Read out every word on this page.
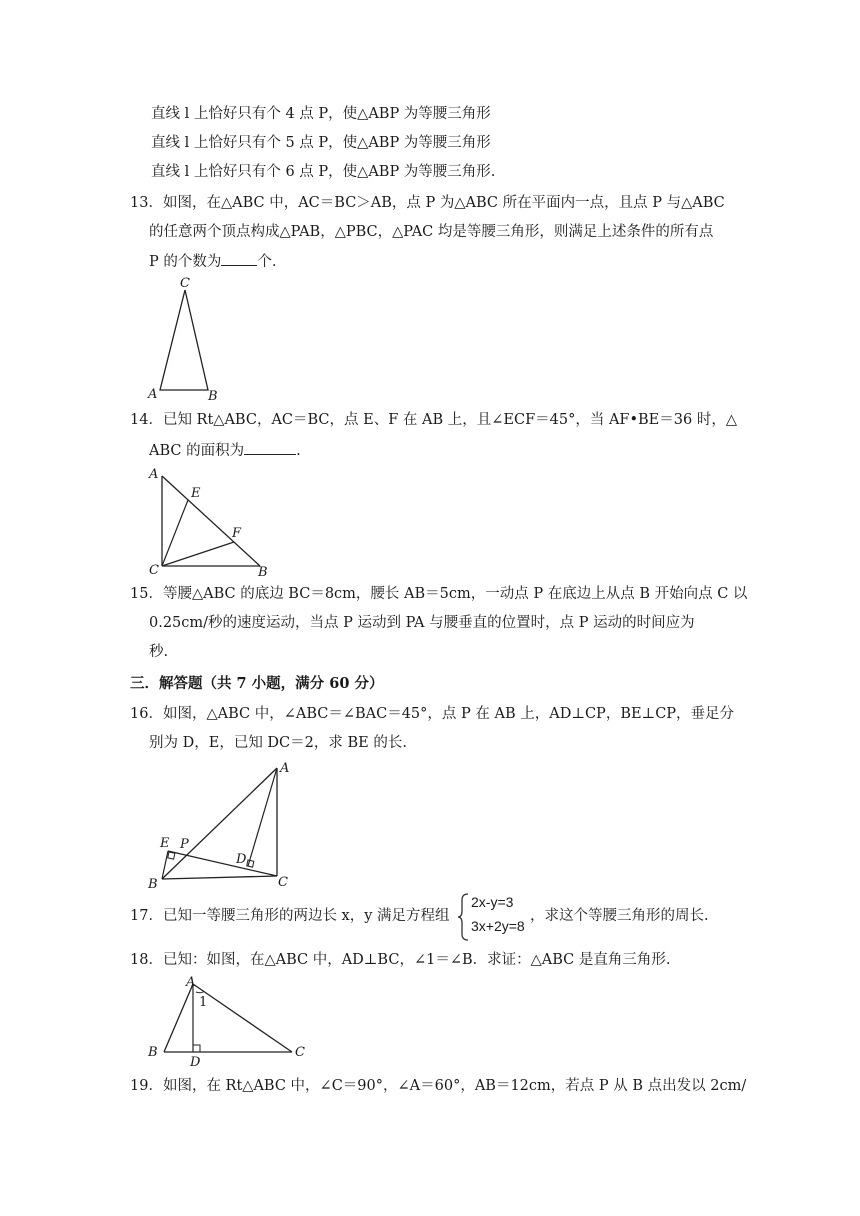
直线 l 上恰好只有个 4 点 P，使△ABP 为等腰三角形
直线 l 上恰好只有个 5 点 P，使△ABP 为等腰三角形
直线 l 上恰好只有个 6 点 P，使△ABP 为等腰三角形.
13．如图，在△ABC 中，AC＝BC＞AB，点 P 为△ABC 所在平面内一点，且点 P 与△ABC
的任意两个顶点构成△PAB，△PBC，△PAC 均是等腰三角形，则满足上述条件的所有点
P 的个数为 个.
C
A	B
14．已知 Rt△ABC，AC＝BC，点 E、F 在 AB 上，且∠ECF＝45°，当 AF•BE＝36 时，△
ABC 的面积为	.
A
E
F
C	B
15．等腰△ABC 的底边 BC＝8cm，腰长 AB＝5cm，一动点 P 在底边上从点 B 开始向点 C 以
0.25cm/秒的速度运动，当点 P 运动到 PA 与腰垂直的位置时，点 P 运动的时间应为
秒.
三．解答题（共 7 小题，满分 60 分）
16．如图，△ABC 中，∠ABC＝∠BAC＝45°，点 P 在 AB 上，AD⊥CP，BE⊥CP，垂足分
别为 D，E，已知 DC＝2，求 BE 的长.
A
E P
D
B	C
17．已知一等腰三角形的两边长 x，y 满足方程组
2x-y=3
3x+2y=8
，求这个等腰三角形的周长.
18．已知：如图，在△ABC 中，AD⊥BC，∠1＝∠B．求证：△ABC 是直角三角形.
A
1
B
D
C
19．如图，在 Rt△ABC 中，∠C＝90°，∠A＝60°，AB＝12cm，若点 P 从 B 点出发以 2cm/
